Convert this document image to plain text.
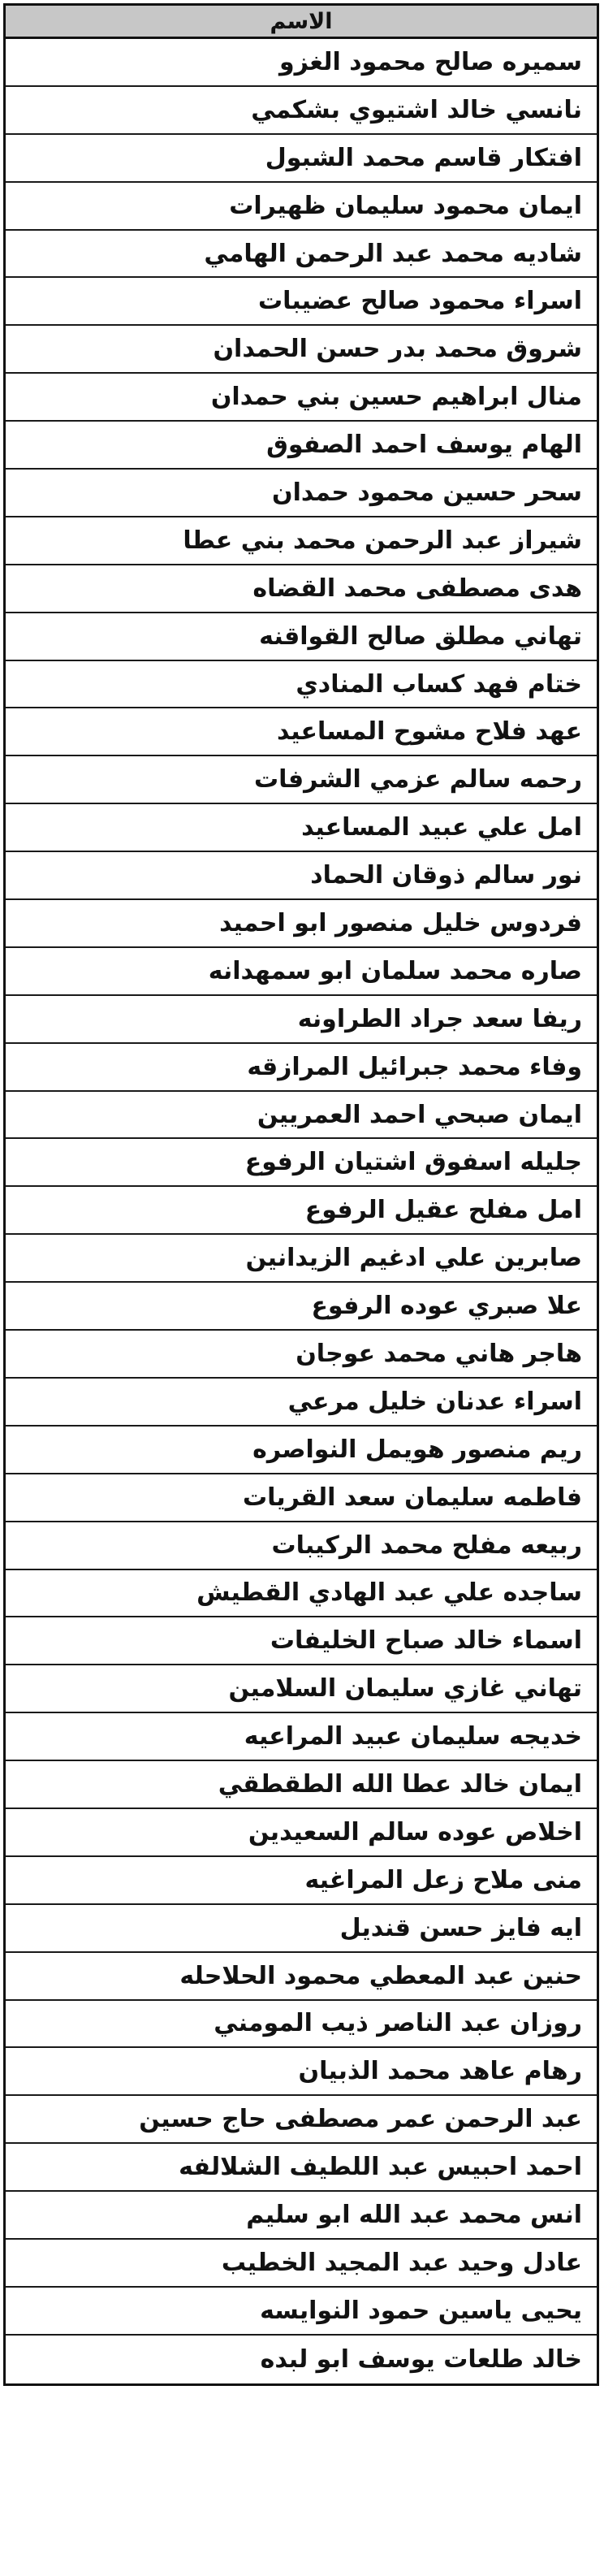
الاسم
سميره صالح محمود الغزو
نانسي خالد اشتيوي بشكمي
افتكار قاسم محمد الشبول
ايمان محمود سليمان ظهيرات
شاديه محمد عبد الرحمن الهامي
اسراء محمود صالح عضيبات
شروق محمد بدر حسن الحمدان
منال ابراهيم حسين بني حمدان
الهام يوسف احمد الصفوق
سحر حسين محمود حمدان
شيراز عبد الرحمن محمد بني عطا
هدى مصطفى محمد القضاه
تهاني مطلق صالح القواقنه
ختام فهد كساب المنادي
عهد فلاح مشوح المساعيد
رحمه سالم عزمي الشرفات
امل علي عبيد المساعيد
نور سالم ذوقان الحماد
فردوس خليل منصور ابو احميد
صاره محمد سلمان ابو سمهدانه
ريفا سعد جراد الطراونه
وفاء محمد جبرائيل المرازقه
ايمان صبحي احمد العمريين
جليله اسفوق اشتيان الرفوع
امل مفلح عقيل الرفوع
صابرين علي ادغيم الزيدانين
علا صبري عوده الرفوع
هاجر هاني محمد عوجان
اسراء عدنان خليل مرعي
ريم منصور هويمل النواصره
فاطمه سليمان سعد القريات
ربيعه مفلح محمد الركيبات
ساجده علي عبد الهادي القطيش
اسماء خالد صباح الخليفات
تهاني غازي سليمان السلامين
خديجه سليمان عبيد المراعيه
ايمان خالد عطا الله الطقطقي
اخلاص عوده سالم السعيدين
منى ملاح زعل المراغيه
ايه فايز حسن قنديل
حنين عبد المعطي محمود الحلاحله
روزان عبد الناصر ذيب المومني
رهام عاهد محمد الذبيان
عبد الرحمن عمر مصطفى حاج حسين
احمد احبيس عبد اللطيف الشلالفه
انس محمد عبد الله ابو سليم
عادل وحيد عبد المجيد الخطيب
يحيى ياسين حمود النوايسه
خالد طلعات يوسف ابو لبده
